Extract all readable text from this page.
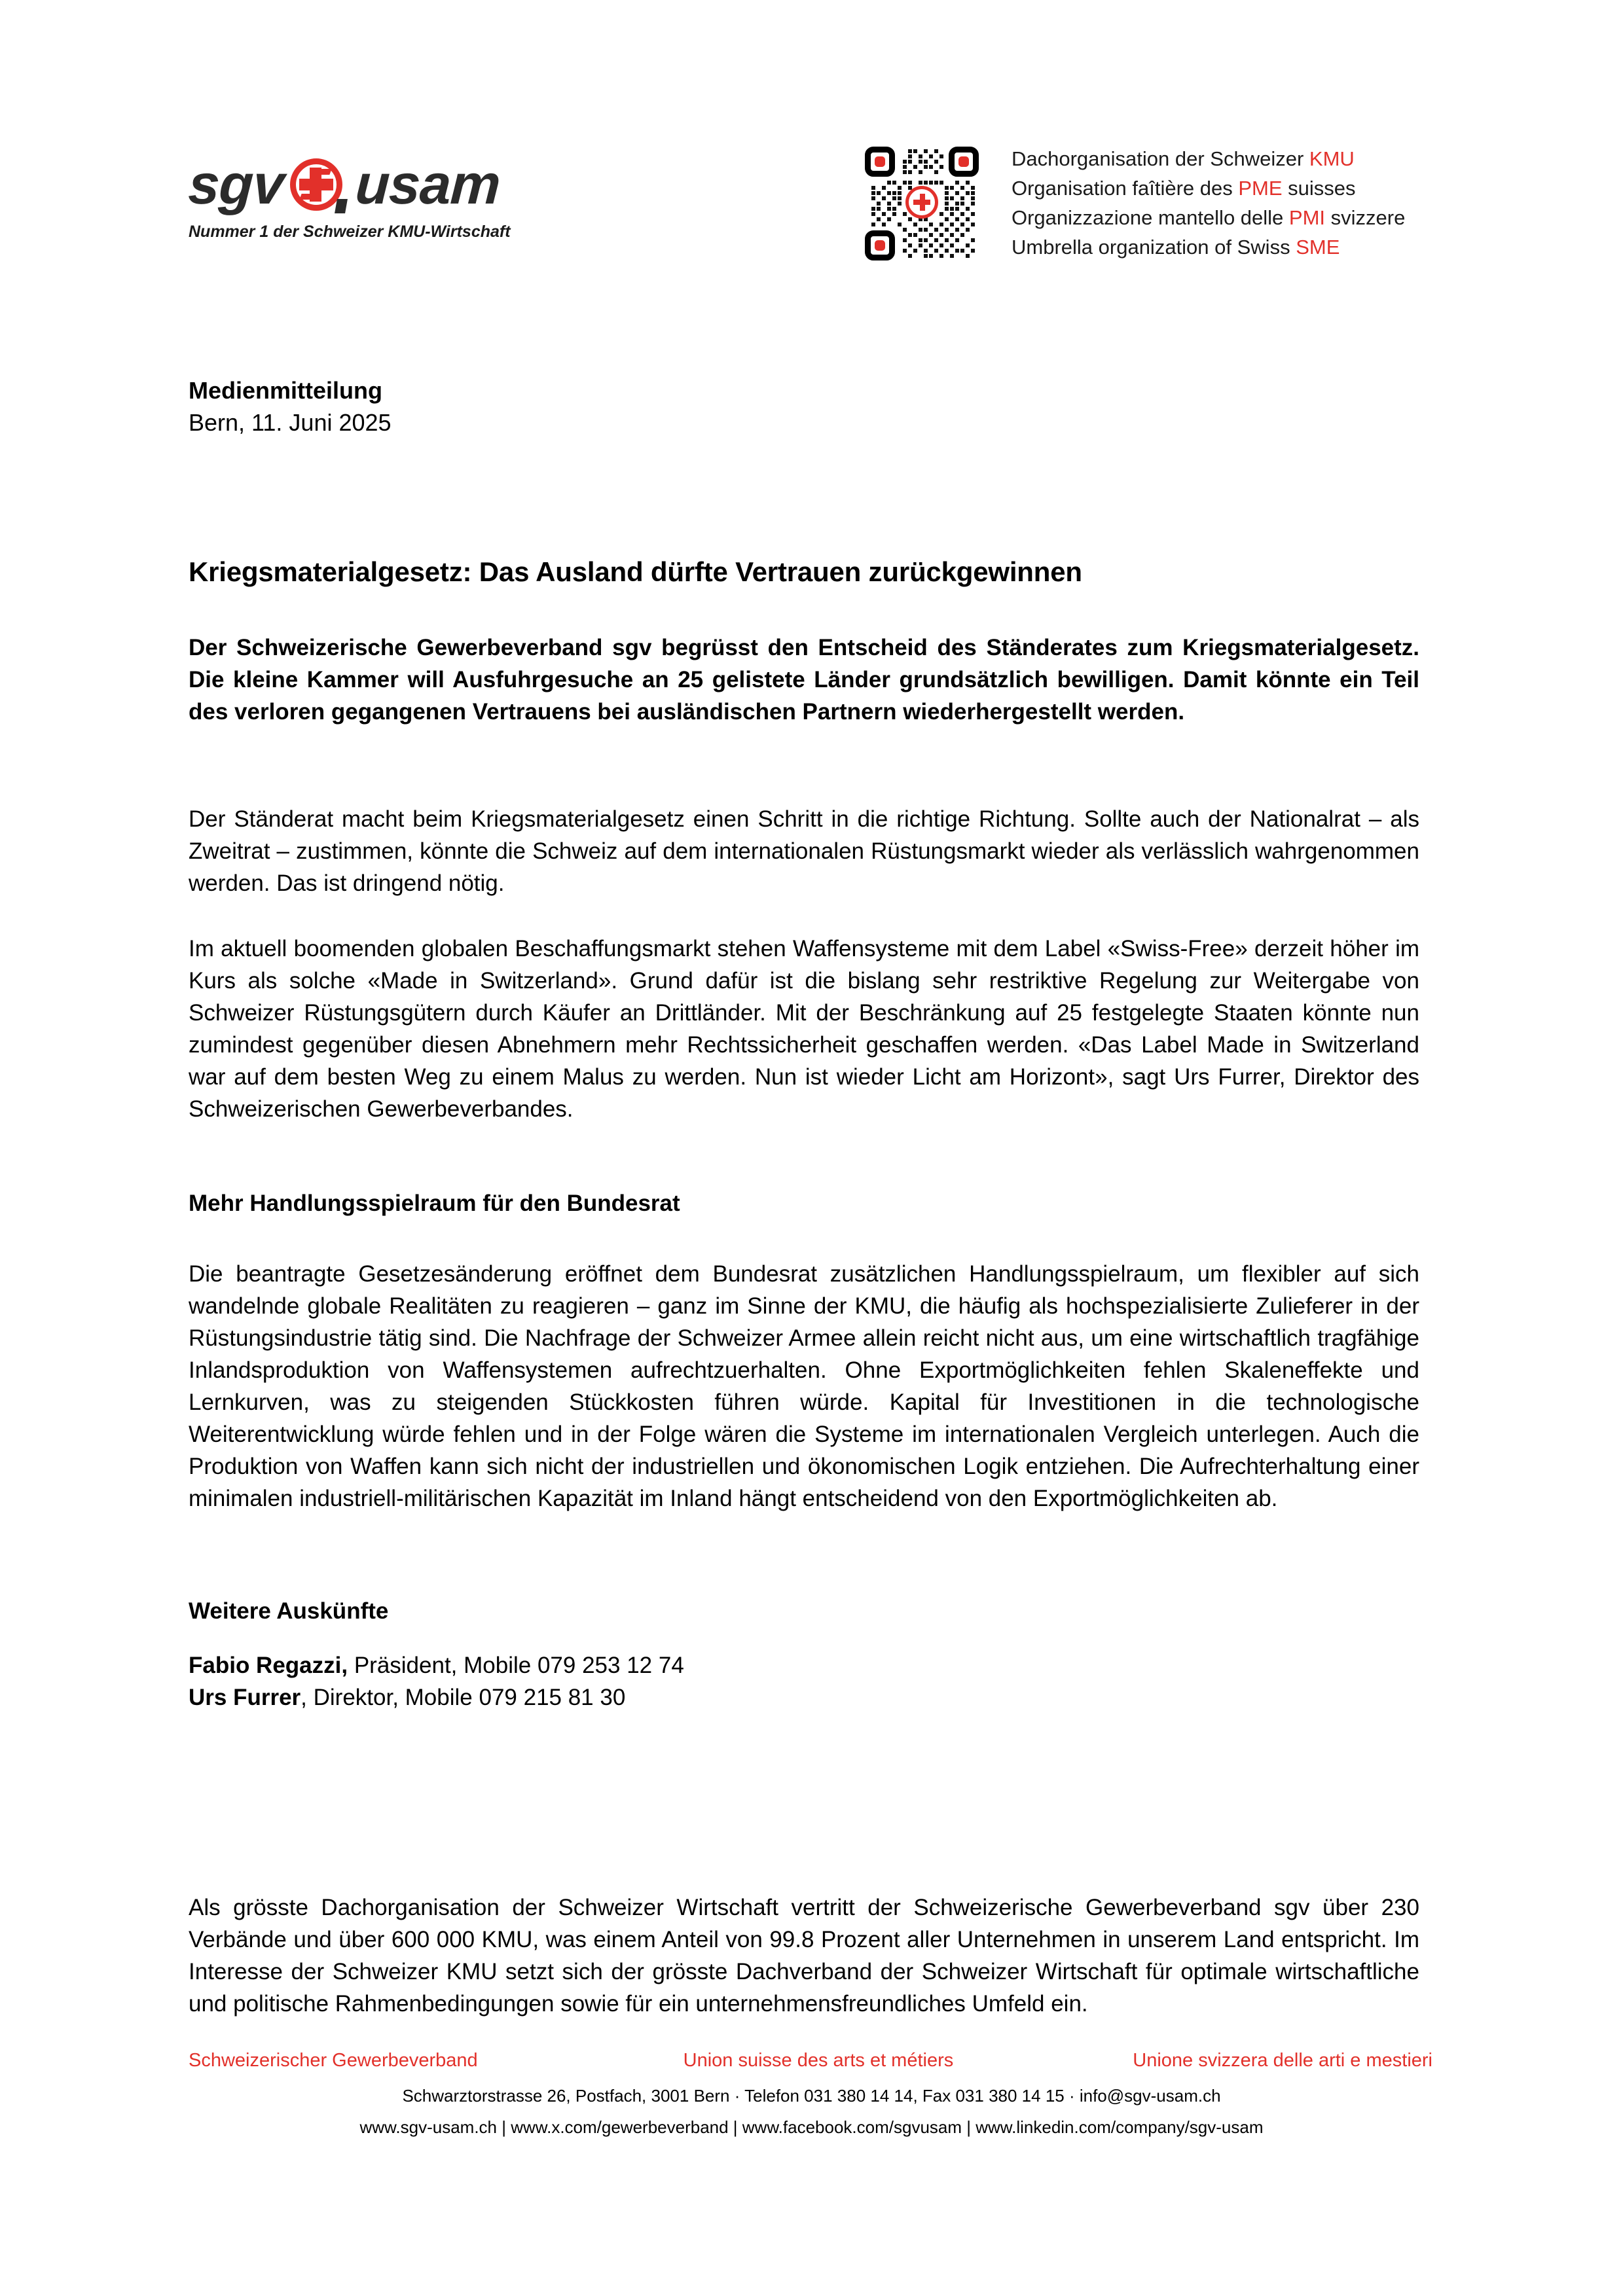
sgv usam
Nummer 1 der Schweizer KMU-Wirtschaft
Dachorganisation der Schweizer KMU
Organisation faîtière des PME suisses
Organizzazione mantello delle PMI svizzere
Umbrella organization of Swiss SME
Medienmitteilung
Bern, 11. Juni 2025
Kriegsmaterialgesetz: Das Ausland dürfte Vertrauen zurückgewinnen

Der Schweizerische Gewerbeverband sgv begrüsst den Entscheid des Ständerates zum Kriegsmaterialgesetz. Die kleine Kammer will Ausfuhrgesuche an 25 gelistete Länder grundsätzlich bewilligen. Damit könnte ein Teil des verloren gegangenen Vertrauens bei ausländischen Partnern wiederhergestellt werden.

Der Ständerat macht beim Kriegsmaterialgesetz einen Schritt in die richtige Richtung. Sollte auch der Nationalrat – als Zweitrat – zustimmen, könnte die Schweiz auf dem internationalen Rüstungsmarkt wieder als verlässlich wahrgenommen werden. Das ist dringend nötig.

Im aktuell boomenden globalen Beschaffungsmarkt stehen Waffensysteme mit dem Label «Swiss-Free» derzeit höher im Kurs als solche «Made in Switzerland». Grund dafür ist die bislang sehr restriktive Regelung zur Weitergabe von Schweizer Rüstungsgütern durch Käufer an Drittländer. Mit der Beschränkung auf 25 festgelegte Staaten könnte nun zumindest gegenüber diesen Abnehmern mehr Rechtssicherheit geschaffen werden. «Das Label Made in Switzerland war auf dem besten Weg zu einem Malus zu werden. Nun ist wieder Licht am Horizont», sagt Urs Furrer, Direktor des Schweizerischen Gewerbeverbandes.

Mehr Handlungsspielraum für den Bundesrat

Die beantragte Gesetzesänderung eröffnet dem Bundesrat zusätzlichen Handlungsspielraum, um flexibler auf sich wandelnde globale Realitäten zu reagieren – ganz im Sinne der KMU, die häufig als hochspezialisierte Zulieferer in der Rüstungsindustrie tätig sind. Die Nachfrage der Schweizer Armee allein reicht nicht aus, um eine wirtschaftlich tragfähige Inlandsproduktion von Waffensystemen aufrechtzuerhalten. Ohne Exportmöglichkeiten fehlen Skaleneffekte und Lernkurven, was zu steigenden Stückkosten führen würde. Kapital für Investitionen in die technologische Weiterentwicklung würde fehlen und in der Folge wären die Systeme im internationalen Vergleich unterlegen. Auch die Produktion von Waffen kann sich nicht der industriellen und ökonomischen Logik entziehen. Die Aufrechterhaltung einer minimalen industriell-militärischen Kapazität im Inland hängt entscheidend von den Exportmöglichkeiten ab.

Weitere Auskünfte
Fabio Regazzi, Präsident, Mobile 079 253 12 74
Urs Furrer, Direktor, Mobile 079 215 81 30

Als grösste Dachorganisation der Schweizer Wirtschaft vertritt der Schweizerische Gewerbeverband sgv über 230 Verbände und über 600 000 KMU, was einem Anteil von 99.8 Prozent aller Unternehmen in unserem Land entspricht. Im Interesse der Schweizer KMU setzt sich der grösste Dachverband der Schweizer Wirtschaft für optimale wirtschaftliche und politische Rahmenbedingungen sowie für ein unternehmensfreundliches Umfeld ein.

Schweizerischer Gewerbeverband	Union suisse des arts et métiers	Unione svizzera delle arti e mestieri
Schwarztorstrasse 26, Postfach, 3001 Bern · Telefon 031 380 14 14, Fax 031 380 14 15 · info@sgv-usam.ch
www.sgv-usam.ch | www.x.com/gewerbeverband | www.facebook.com/sgvusam | www.linkedin.com/company/sgv-usam
